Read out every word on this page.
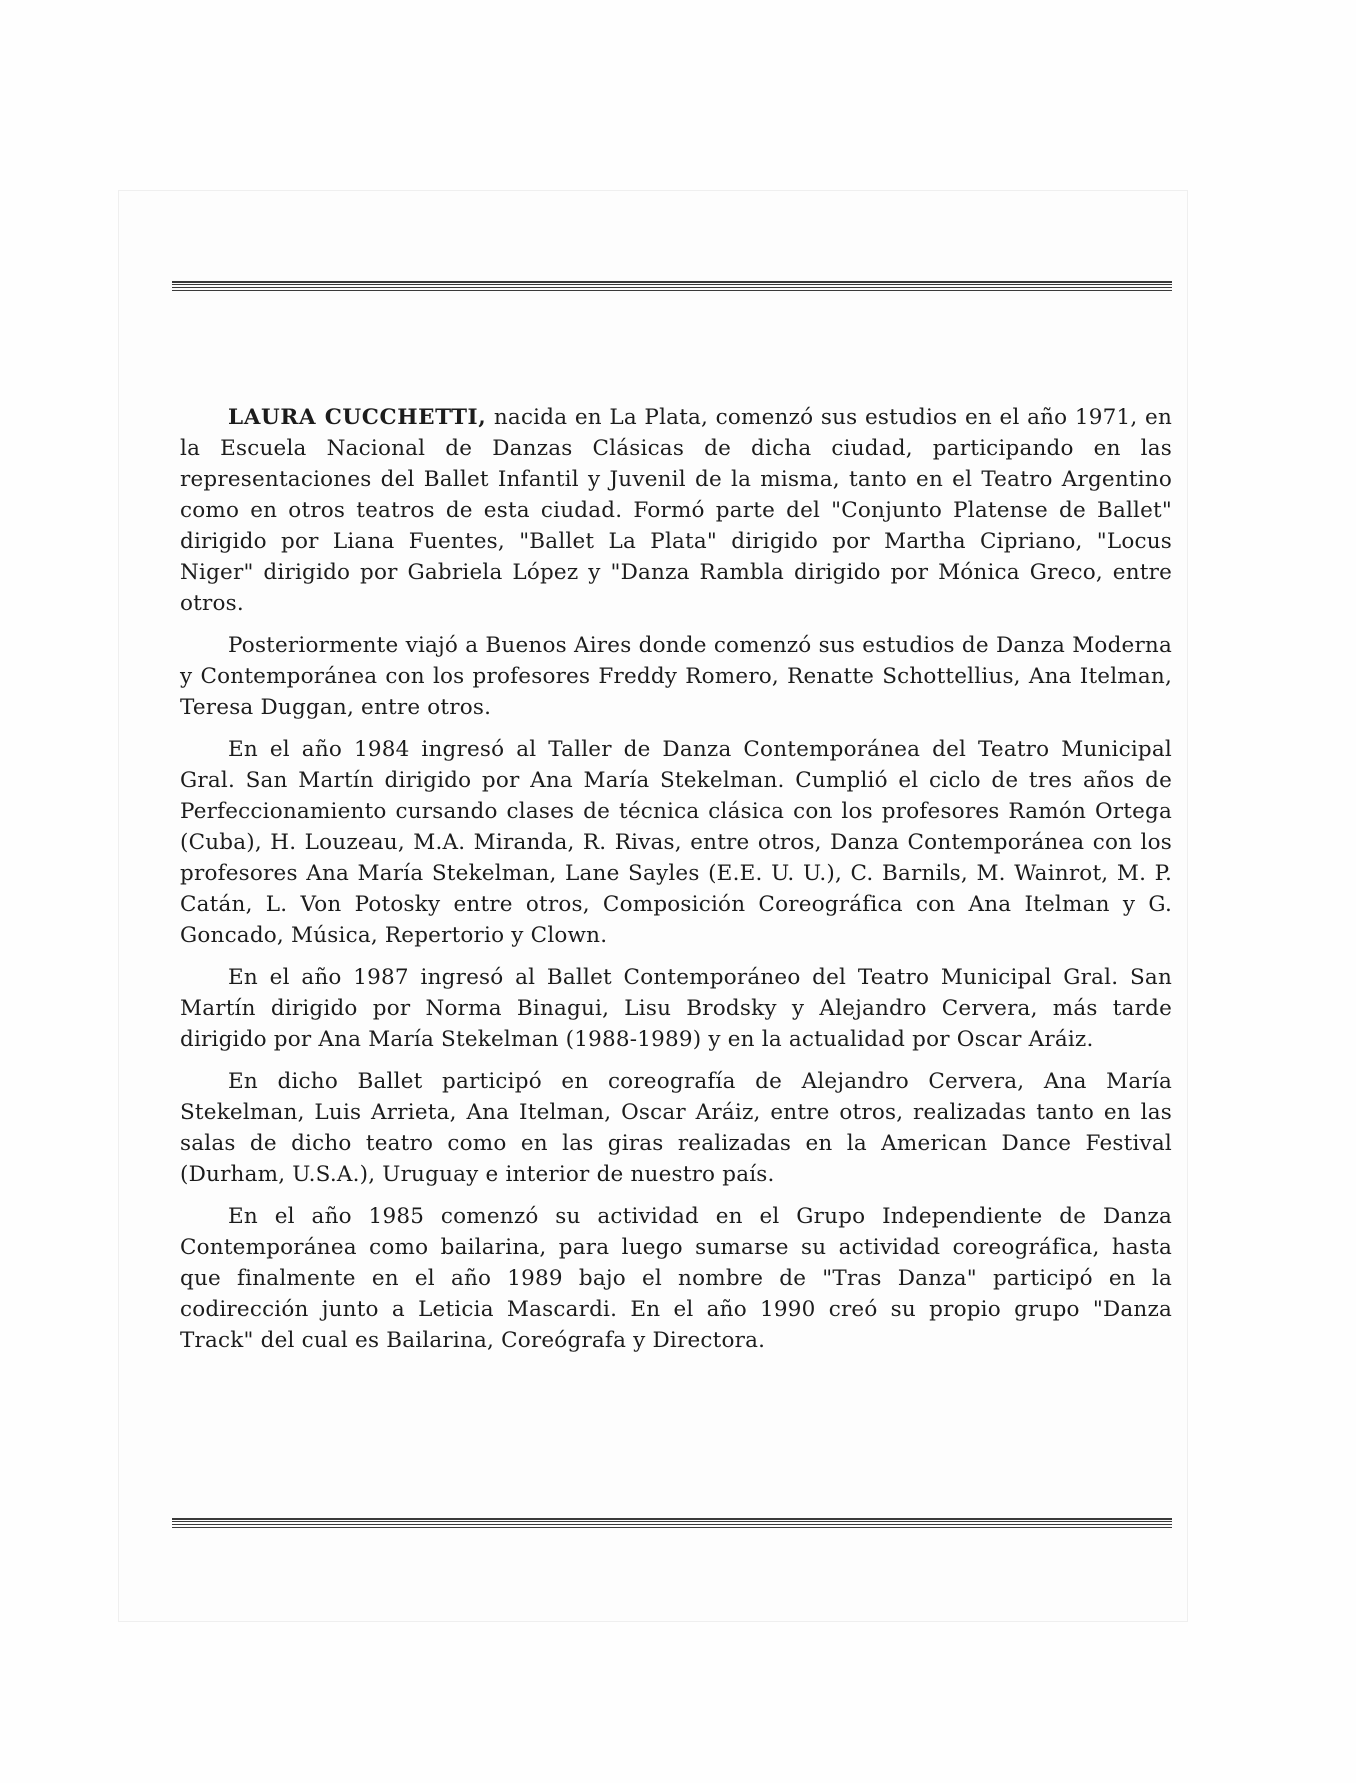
LAURA CUCCHETTI, nacida en La Plata, comenzó sus estudios en el año 1971, en la Escuela Nacional de Danzas Clásicas de dicha ciudad, participando en las representaciones del Ballet Infantil y Juvenil de la misma, tanto en el Teatro Argentino como en otros teatros de esta ciudad. Formó parte del "Conjunto Platense de Ballet" dirigido por Liana Fuentes, "Ballet La Plata" dirigido por Martha Cipriano, "Locus Niger" dirigido por Gabriela López y "Danza Rambla dirigido por Mónica Greco, entre otros.

Posteriormente viajó a Buenos Aires donde comenzó sus estudios de Danza Moderna y Contemporánea con los profesores Freddy Romero, Renatte Schottellius, Ana Itelman, Teresa Duggan, entre otros.

En el año 1984 ingresó al Taller de Danza Contemporánea del Teatro Municipal Gral. San Martín dirigido por Ana María Stekelman. Cumplió el ciclo de tres años de Perfeccionamiento cursando clases de técnica clásica con los profesores Ramón Ortega (Cuba), H. Louzeau, M.A. Miranda, R. Rivas, entre otros, Danza Contemporánea con los profesores Ana María Stekelman, Lane Sayles (E.E. U. U.), C. Barnils, M. Wainrot, M. P. Catán, L. Von Potosky entre otros, Composición Coreográfica con Ana Itelman y G. Goncado, Música, Repertorio y Clown.

En el año 1987 ingresó al Ballet Contemporáneo del Teatro Municipal Gral. San Martín dirigido por Norma Binagui, Lisu Brodsky y Alejandro Cervera, más tarde dirigido por Ana María Stekelman (1988-1989) y en la actualidad por Oscar Aráiz.

En dicho Ballet participó en coreografía de Alejandro Cervera, Ana María Stekelman, Luis Arrieta, Ana Itelman, Oscar Aráiz, entre otros, realizadas tanto en las salas de dicho teatro como en las giras realizadas en la American Dance Festival (Durham, U.S.A.), Uruguay e interior de nuestro país.

En el año 1985 comenzó su actividad en el Grupo Independiente de Danza Contemporánea como bailarina, para luego sumarse su actividad coreográfica, hasta que finalmente en el año 1989 bajo el nombre de "Tras Danza" participó en la codirección junto a Leticia Mascardi. En el año 1990 creó su propio grupo "Danza Track" del cual es Bailarina, Coreógrafa y Directora.
